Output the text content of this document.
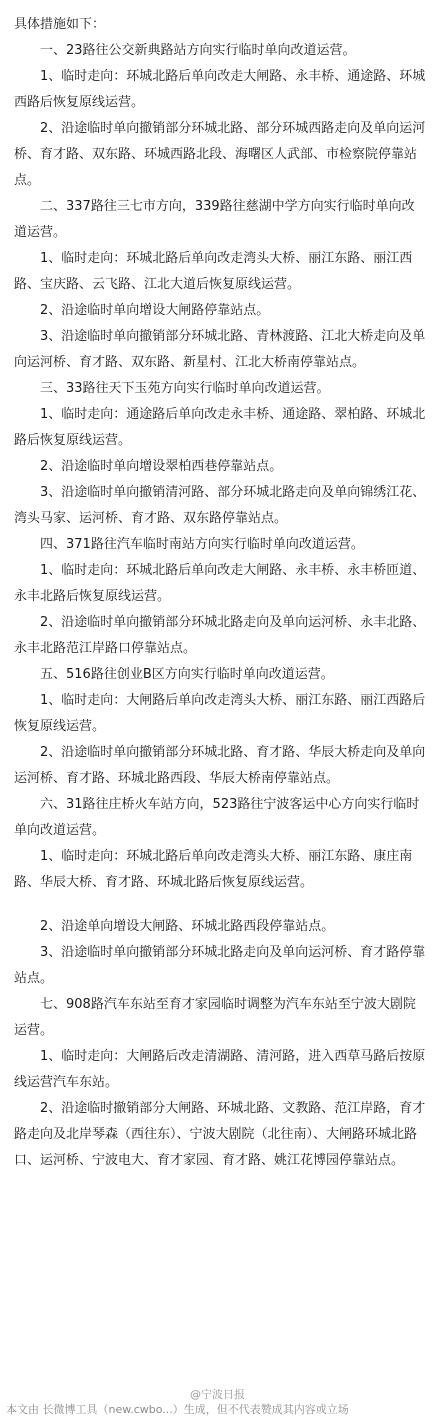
具体措施如下：

一、23路往公交新典路站方向实行临时单向改道运营。

1、临时走向：环城北路后单向改走大闸路、永丰桥、通途路、环城西路后恢复原线运营。

2、沿途临时单向撤销部分环城北路、部分环城西路走向及单向运河桥、育才路、双东路、环城西路北段、海曙区人武部、市检察院停靠站点。

二、337路往三七市方向，339路往慈湖中学方向实行临时单向改道运营。

1、临时走向：环城北路后单向改走湾头大桥、丽江东路、丽江西路、宝庆路、云飞路、江北大道后恢复原线运营。

2、沿途临时单向增设大闸路停靠站点。

3、沿途临时单向撤销部分环城北路、青林渡路、江北大桥走向及单向运河桥、育才路、双东路、新星村、江北大桥南停靠站点。

三、33路往天下玉苑方向实行临时单向改道运营。

1、临时走向：通途路后单向改走永丰桥、通途路、翠柏路、环城北路后恢复原线运营。

2、沿途临时单向增设翠柏西巷停靠站点。

3、沿途临时单向撤销清河路、部分环城北路走向及单向锦绣江花、湾头马家、运河桥、育才路、双东路停靠站点。

四、371路往汽车临时南站方向实行临时单向改道运营。

1、临时走向：环城北路后单向改走大闸路、永丰桥、永丰桥匝道、永丰北路后恢复原线运营。

2、沿途临时单向撤销部分环城北路走向及单向运河桥、永丰北路、永丰北路范江岸路口停靠站点。

五、516路往创业B区方向实行临时单向改道运营。

1、临时走向：大闸路后单向改走湾头大桥、丽江东路、丽江西路后恢复原线运营。

2、沿途临时单向撤销部分环城北路、育才路、华辰大桥走向及单向运河桥、育才路、环城北路西段、华辰大桥南停靠站点。

六、31路往庄桥火车站方向，523路往宁波客运中心方向实行临时单向改道运营。

1、临时走向：环城北路后单向改走湾头大桥、丽江东路、康庄南路、华辰大桥、育才路、环城北路后恢复原线运营。

2、沿途单向增设大闸路、环城北路西段停靠站点。

3、沿途临时单向撤销部分环城北路走向及单向运河桥、育才路停靠站点。

七、908路汽车东站至育才家园临时调整为汽车东站至宁波大剧院运营。

1、临时走向：大闸路后改走清湖路、清河路，进入西草马路后按原线运营汽车东站。

2、沿途临时撤销部分大闸路、环城北路、文教路、范江岸路，育才路走向及北岸琴森（西往东）、宁波大剧院（北往南）、大闸路环城北路口、运河桥、宁波电大、育才家园、育才路、姚江花博园停靠站点。

@宁波日报
本文由 长微博工具（new.cwbo...）生成，但不代表赞成其内容或立场
